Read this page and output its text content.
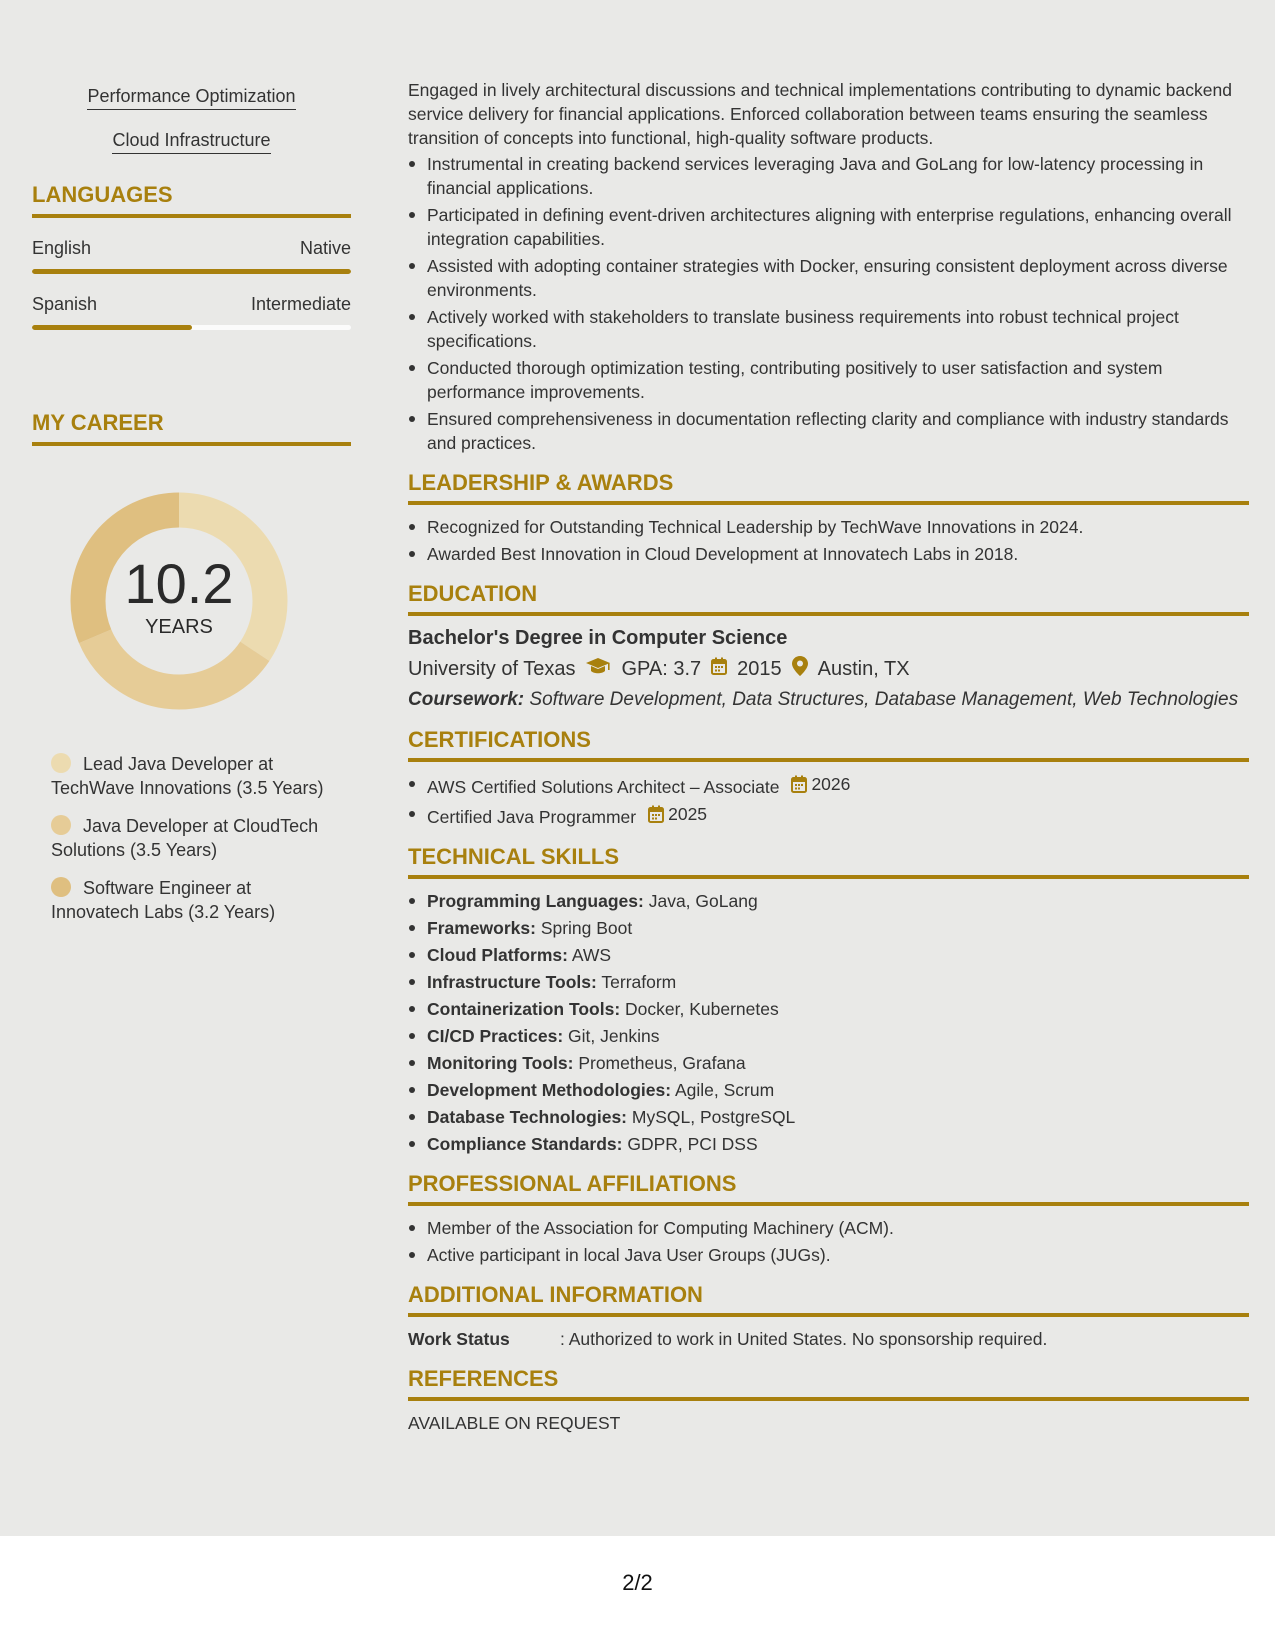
Performance Optimization
Cloud Infrastructure
LANGUAGES
English	Native
Spanish	Intermediate
MY CAREER
10.2
YEARS
Lead Java Developer at TechWave Innovations (3.5 Years)
Java Developer at CloudTech Solutions (3.5 Years)
Software Engineer at Innovatech Labs (3.2 Years)

Engaged in lively architectural discussions and technical implementations contributing to dynamic backend service delivery for financial applications. Enforced collaboration between teams ensuring the seamless transition of concepts into functional, high-quality software products.

Instrumental in creating backend services leveraging Java and GoLang for low-latency processing in financial applications.
Participated in defining event-driven architectures aligning with enterprise regulations, enhancing overall integration capabilities.
Assisted with adopting container strategies with Docker, ensuring consistent deployment across diverse environments.
Actively worked with stakeholders to translate business requirements into robust technical project specifications.
Conducted thorough optimization testing, contributing positively to user satisfaction and system performance improvements.
Ensured comprehensiveness in documentation reflecting clarity and compliance with industry standards and practices.
LEADERSHIP & AWARDS
Recognized for Outstanding Technical Leadership by TechWave Innovations in 2024.
Awarded Best Innovation in Cloud Development at Innovatech Labs in 2018.
EDUCATION
Bachelor's Degree in Computer Science
University of Texas GPA: 3.7 2015 Austin, TX
Coursework: Software Development, Data Structures, Database Management, Web Technologies
CERTIFICATIONS
AWS Certified Solutions Architect – Associate 2026
Certified Java Programmer 2025
TECHNICAL SKILLS
Programming Languages: Java, GoLang
Frameworks: Spring Boot
Cloud Platforms: AWS
Infrastructure Tools: Terraform
Containerization Tools: Docker, Kubernetes
CI/CD Practices: Git, Jenkins
Monitoring Tools: Prometheus, Grafana
Development Methodologies: Agile, Scrum
Database Technologies: MySQL, PostgreSQL
Compliance Standards: GDPR, PCI DSS
PROFESSIONAL AFFILIATIONS
Member of the Association for Computing Machinery (ACM).
Active participant in local Java User Groups (JUGs).
ADDITIONAL INFORMATION
Work Status	: Authorized to work in United States. No sponsorship required.
REFERENCES
AVAILABLE ON REQUEST
2/2
